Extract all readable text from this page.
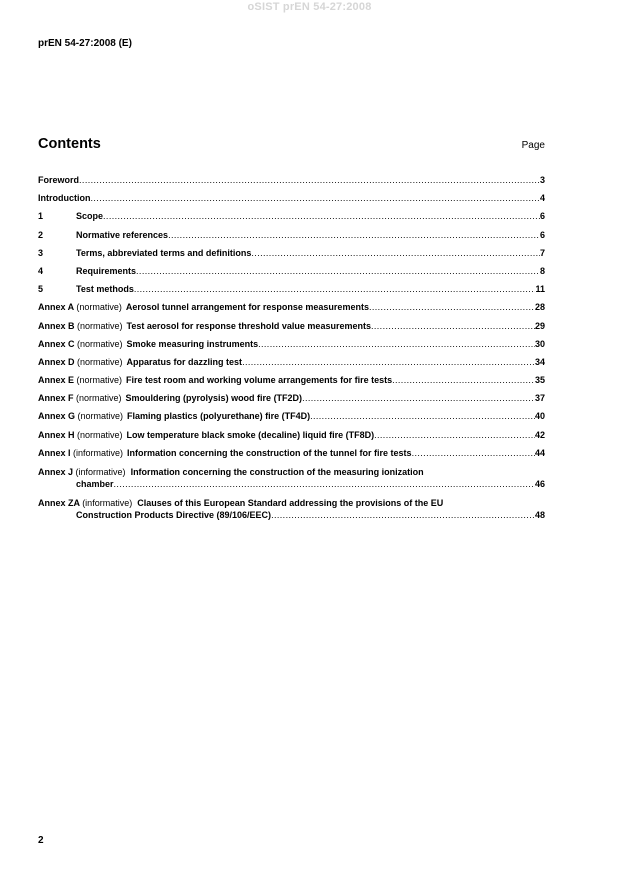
oSIST prEN 54-27:2008
prEN 54-27:2008 (E)
Contents	Page
Foreword .....	3
Introduction .....	4
1	Scope .....	6
2	Normative references .....	6
3	Terms, abbreviated terms and definitions .....	7
4	Requirements .....	8
5	Test methods .....	11
Annex A (normative) Aerosol tunnel arrangement for response measurements .....	28
Annex B (normative) Test aerosol for response threshold value measurements .....	29
Annex C (normative) Smoke measuring instruments .....	30
Annex D (normative) Apparatus for dazzling test .....	34
Annex E (normative) Fire test room and working volume arrangements for fire tests .....	35
Annex F (normative) Smouldering (pyrolysis) wood fire (TF2D) .....	37
Annex G (normative) Flaming plastics (polyurethane) fire (TF4D) .....	40
Annex H (normative) Low temperature black smoke (decaline) liquid fire (TF8D) .....	42
Annex I (informative) Information concerning the construction of the tunnel for fire tests .....	44
Annex J (informative) Information concerning the construction of the measuring ionization
chamber .....	46
Annex ZA (informative) Clauses of this European Standard addressing the provisions of the EU
Construction Products Directive (89/106/EEC) .....	48
2
